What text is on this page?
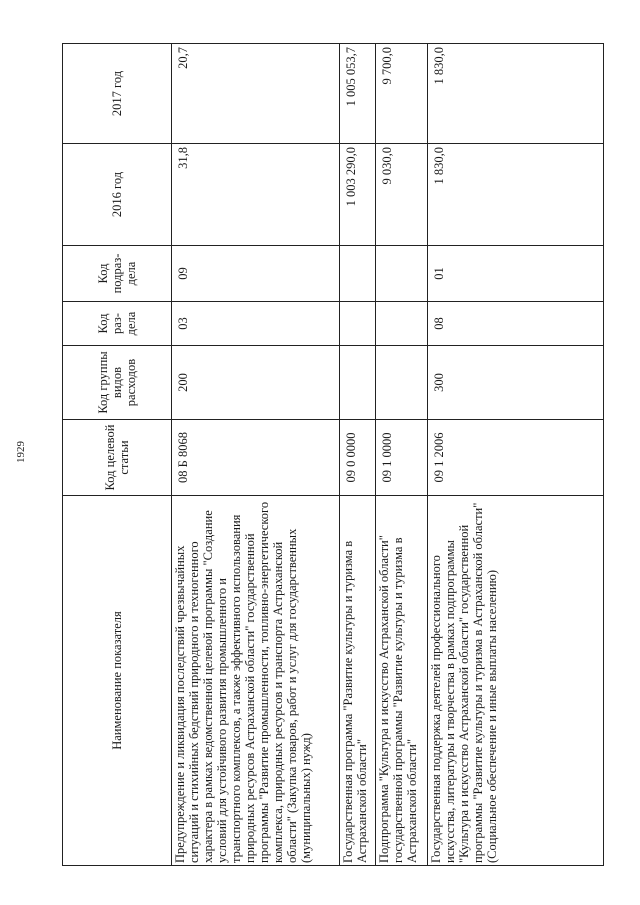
1929
Наименование показателя	Код целевой статьи	Код группы видов расходов	Код раз-дела	Код подраз-дела	2016 год	2017 год
Предупреждение и ликвидация последствий чрезвычайных ситуаций и стихийных бедствий природного и техногенного характера в рамках ведомственной целевой программы "Создание условий для устойчивого развития промышленного и транспортного комплексов, а также эффективного использования природных ресурсов Астраханской области" государственной программы "Развитие промышленности, топливно-энергетического комплекса, природных ресурсов и транспорта Астраханской области" (Закупка товаров, работ и услуг для государственных (муниципальных) нужд)	08 Б 8068	200	03	09	31,8	20,7
Государственная программа "Развитие культуры и туризма в Астраханской области"	09 0 0000				1 003 290,0	1 005 053,7
Подпрограмма "Культура и искусство Астраханской области" государственной программы "Развитие культуры и туризма в Астраханской области"	09 1 0000				9 030,0	9 700,0
Государственная поддержка деятелей профессионального искусства, литературы и творчества в рамках подпрограммы "Культура и искусство Астраханской области" государственной программы "Развитие культуры и туризма в Астраханской области" (Социальное обеспечение и иные выплаты населению)	09 1 2006	300	08	01	1 830,0	1 830,0
